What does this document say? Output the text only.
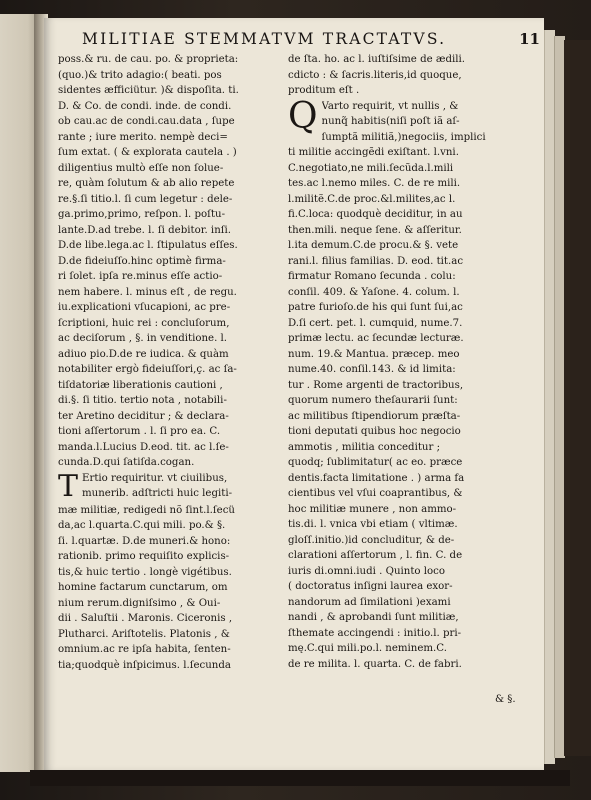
MILITIAE STEMMATVM TRACTATVS.	11
poss.& ru. de cau. po. & proprieta:
(quo.)& trito adagio:( beati. pos
sidentes æfficiütur. )& dispoſita. ti.
D. & Co. de condi. inde. de condi.
ob cau.ac de condi.cau.data , ſupe
rante ; iure merito. nempè deci=
ſum extat. ( & explorata cautela . )
diligentius multò eſſe non ſolue-
re, quàm ſolutum & ab alio repete
re.§.ſi titio.l. ſi cum legetur : dele-
ga.primo,primo, reſpon. l. poſtu-
lante.D.ad trebe. l. ſi debitor. inſi.
D.de libe.lega.ac l. ſtipulatus eſſes.
D.de fideiuſſo.hinc optimè firma-
ri ſolet. ipſa re.minus eſſe actio-
nem habere. l. minus eſt , de regu.
iu.explicationi vſucapioni, ac pre-
ſcriptioni, huic rei : concluſorum,
ac deciſorum , §. in venditione. l.
adiuo pio.D.de re iudica. & quàm
notabiliter ergò fideiuſſori,ç. ac ſa-
tiſdatoriæ liberationis cautioni ,
di.§. ſi titio. tertio nota , notabili-
ter Aretino deciditur ; & declara-
tioni aſſertorum . l. ſi pro ea. C.
manda.l.Lucius D.eod. tit. ac l.ſe-
cunda.D.qui ſatiſda.cogan.
T Ertio requiritur. vt ciuilibus,
munerib. adſtricti huic legiti-
mæ militiæ, redigedi nõ ſint.l.ſecü
da,ac l.quarta.C.qui mili. po.& §.
ſi. l.quartæ. D.de muneri.& hono:
rationib. primo requiſito explicis-
tis,& huic tertio . longè vigétibus.
homine factarum cunctarum, om
nium rerum.digniſsimo , & Oui-
dii . Saluſtii . Maronis. Ciceronis ,
Plutharci. Ariſtotelis. Platonis , &
omnium.ac re ipſa habita, ſenten-
tia;quodquè inſpicimus. l.ſecunda
de ſta. ho. ac l. iuſtiſsime de ædili.
cdicto : & ſacris.literis,id quoque,
proditum eſt .
Q Varto requirit, vt nullis , &
nunq̃ habitis(niſi poſt iã aſ-
ſumptã militiã,)negociis, implici
ti militie accingẽdi exiſtant. l.vni.
C.negotiato,ne mili.ſecũda.l.mili
tes.ac l.nemo miles. C. de re mili.
l.militẽ.C.de proc.&l.milites,ac l.
fi.C.loca: quodquè deciditur, in au
then.mili. neque ſene. & aſſeritur.
l.ita demum.C.de procu.& §. vete
rani.l. filius familias. D. eod. tit.ac
firmatur Romano ſecunda . colu:
conſil. 409. & Yaſone. 4. colum. l.
patre furioſo.de his qui ſunt ſui,ac
D.ſi cert. pet. l. cumquid, nume.7.
primæ lectu. ac ſecundæ lecturæ.
num. 19.& Mantua. præcep. meo
nume.40. conſil.143. & id limita:
tur . Rome argenti de tractoribus,
quorum numero theſaurarii ſunt:
ac militibus ſtipendiorum præſta-
tioni deputati quibus hoc negocio
ammotis , militia conceditur ;
quodq; ſublimitatur( ac eo. præce
dentis.facta limitatione . ) arma fa
cientibus vel vſui coaprantibus, &
hoc militiæ munere , non ammo-
tis.di. l. vnica vbi etiam ( vltimæ.
gloſſ.initio.)id concluditur, & de-
clarationi aſſertorum , l. fin. C. de
iuris di.omni.iudi . Quinto loco
( doctoratus inſigni laurea exor-
nandorum ad ſimilationi )exami
nandi , & aprobandi ſunt militiæ,
ſthemate accingendi : initio.l. pri-
mę.C.qui mili.po.l. neminem.C.
de re milita. l. quarta. C. de fabri.
& §.
